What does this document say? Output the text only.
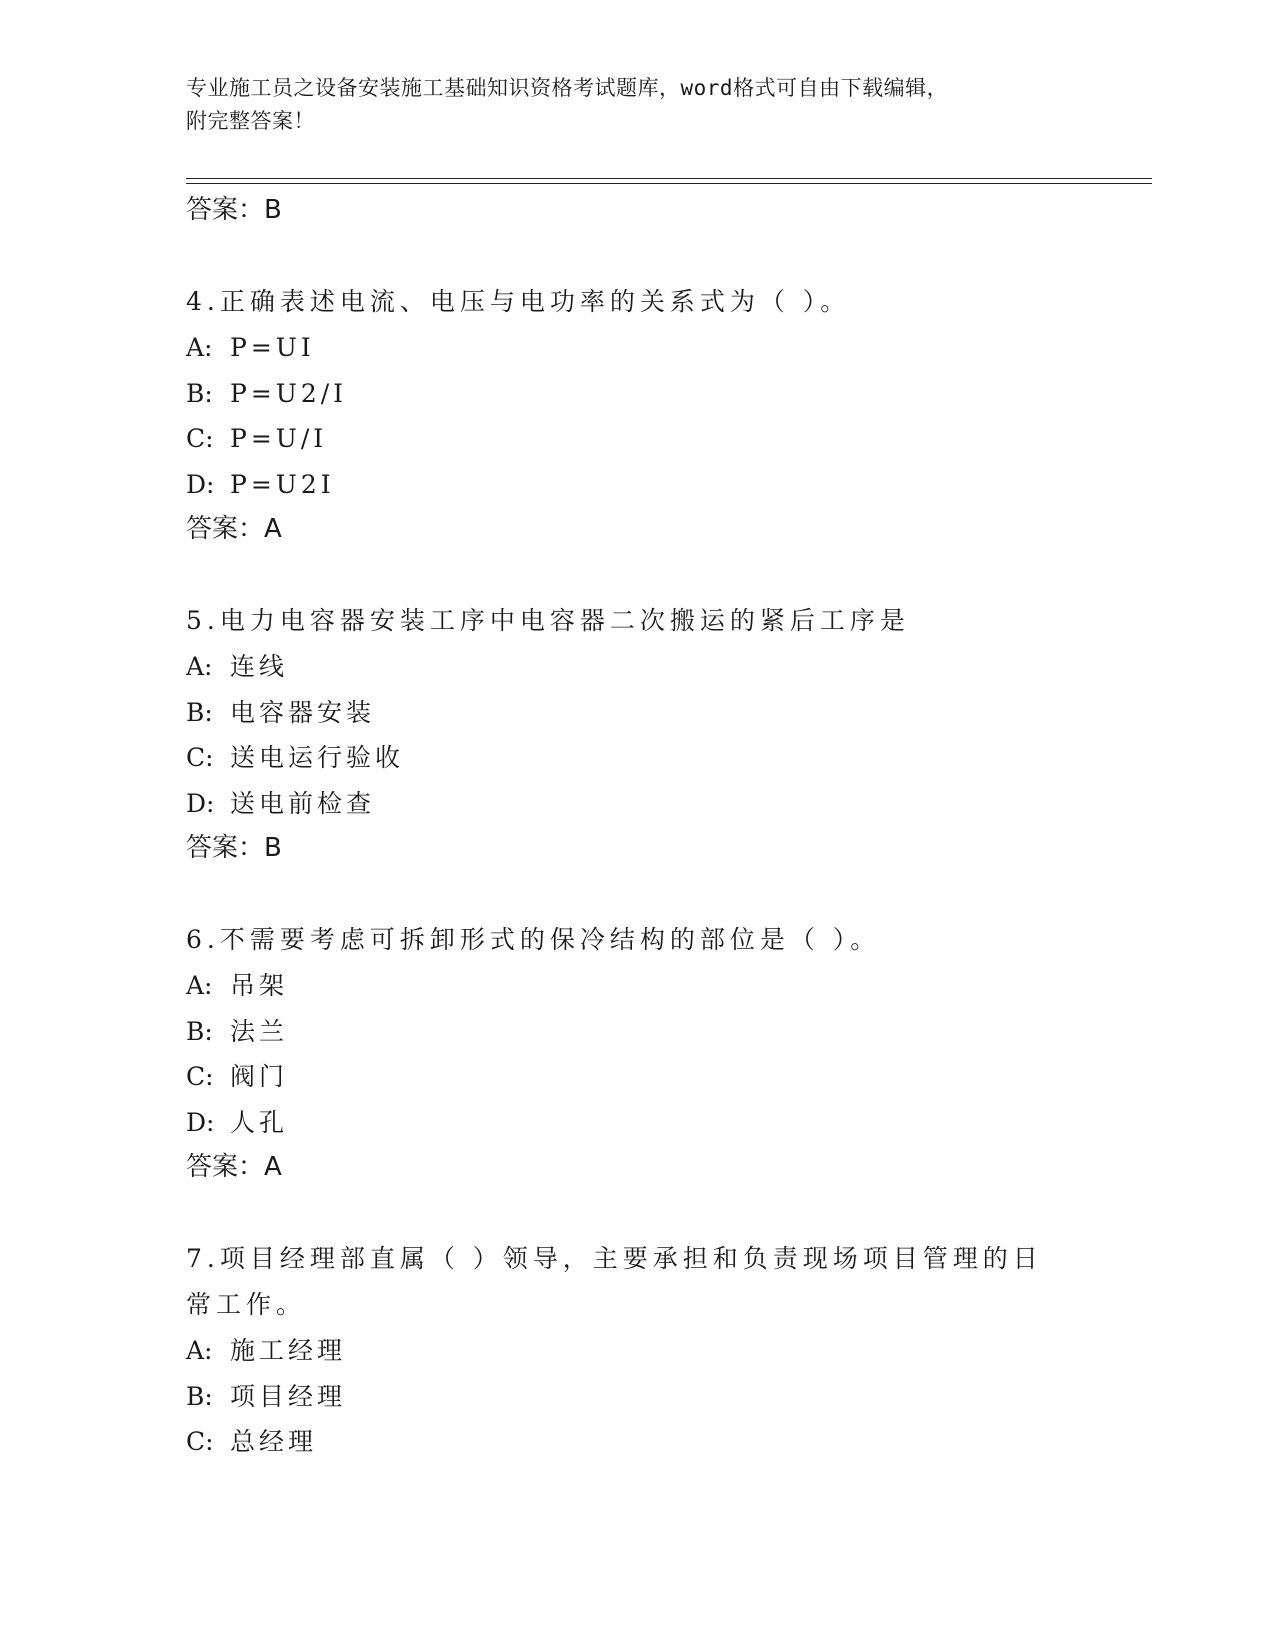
专业施工员之设备安装施工基础知识资格考试题库，word格式可自由下载编辑，
附完整答案！
答案：B
4.正确表述电流、电压与电功率的关系式为（ ）。
A: P=UI
B: P=U2/I
C: P=U/I
D: P=U2I
答案：A
5.电力电容器安装工序中电容器二次搬运的紧后工序是
A: 连线
B: 电容器安装
C: 送电运行验收
D: 送电前检查
答案：B
6.不需要考虑可拆卸形式的保冷结构的部位是（ ）。
A: 吊架
B: 法兰
C: 阀门
D: 人孔
答案：A
7.项目经理部直属（ ）领导，主要承担和负责现场项目管理的日常工作。
A: 施工经理
B: 项目经理
C: 总经理
